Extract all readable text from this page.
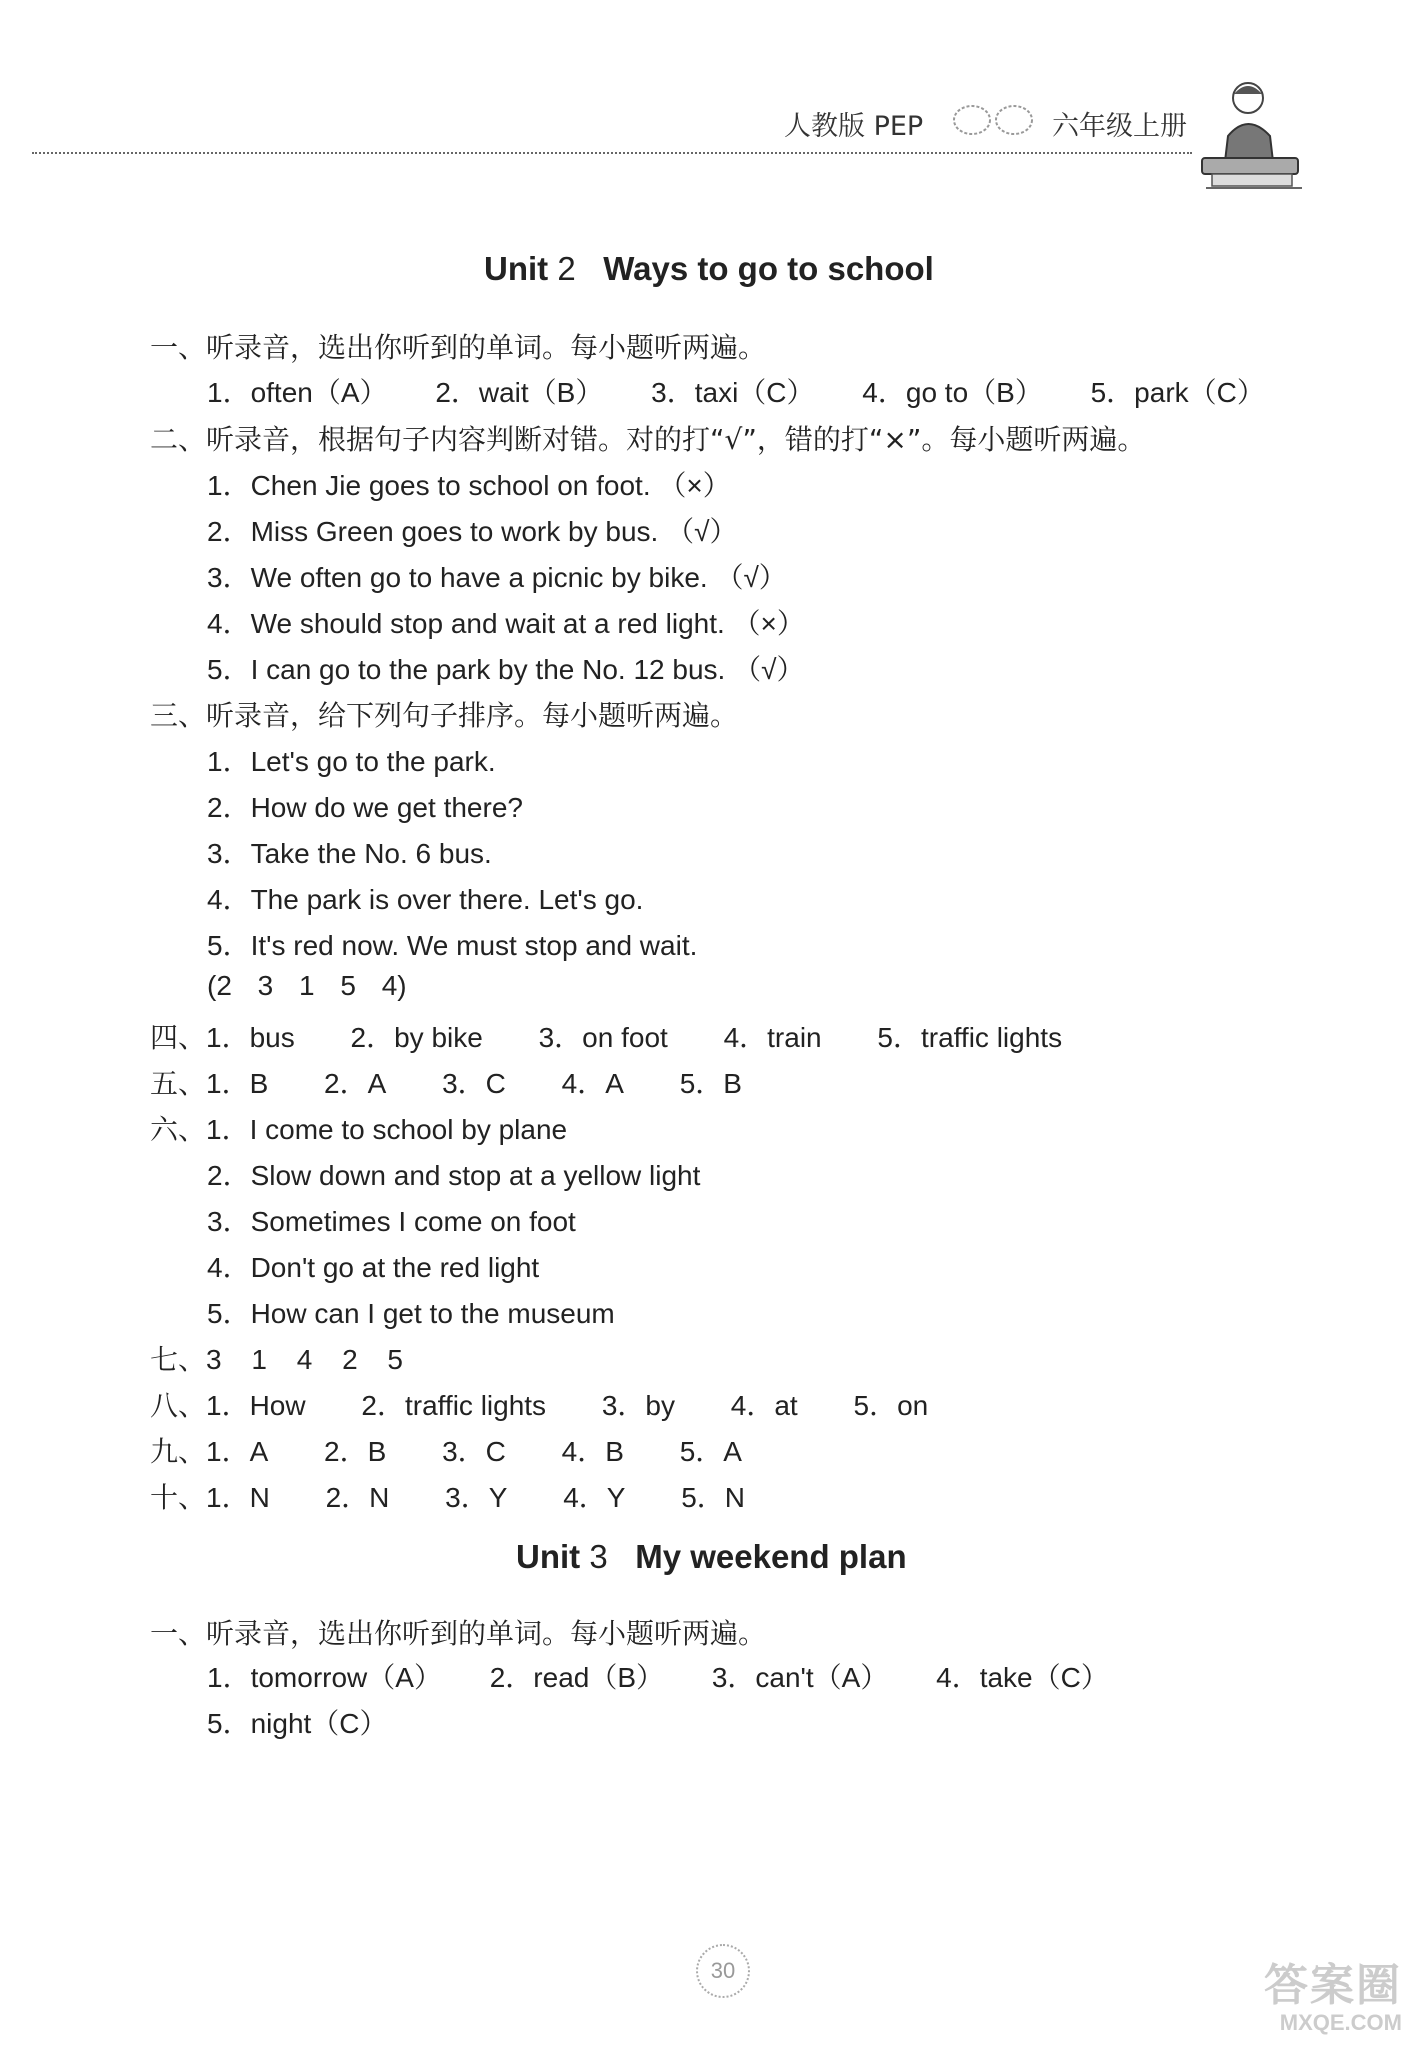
人教版 PEP	六年级上册
Unit 2 Ways to go to school
一、听录音，选出你听到的单词。每小题听两遍。
1．often（A） 2．wait（B） 3．taxi（C） 4．go to（B） 5．park（C）
二、听录音，根据句子内容判断对错。对的打“√”，错的打“×”。每小题听两遍。
1．Chen Jie goes to school on foot. （×）
2．Miss Green goes to work by bus. （√）
3．We often go to have a picnic by bike. （√）
4．We should stop and wait at a red light. （×）
5．I can go to the park by the No. 12 bus. （√）
三、听录音，给下列句子排序。每小题听两遍。
1．Let's go to the park.
2．How do we get there?
3．Take the No. 6 bus.
4．The park is over there. Let's go.
5．It's red now. We must stop and wait.
(2 3 1 5 4)
四、1．bus 2．by bike 3．on foot 4．train 5．traffic lights
五、1．B 2．A 3．C 4．A 5．B
六、1．I come to school by plane
2．Slow down and stop at a yellow light
3．Sometimes I come on foot
4．Don't go at the red light
5．How can I get to the museum
七、3 1 4 2 5
八、1．How 2．traffic lights 3．by 4．at 5．on
九、1．A 2．B 3．C 4．B 5．A
十、1．N 2．N 3．Y 4．Y 5．N
Unit 3 My weekend plan
一、听录音，选出你听到的单词。每小题听两遍。
1．tomorrow（A） 2．read（B） 3．can't（A） 4．take（C）
5．night（C）
30	答案圈
MXQE.COM
